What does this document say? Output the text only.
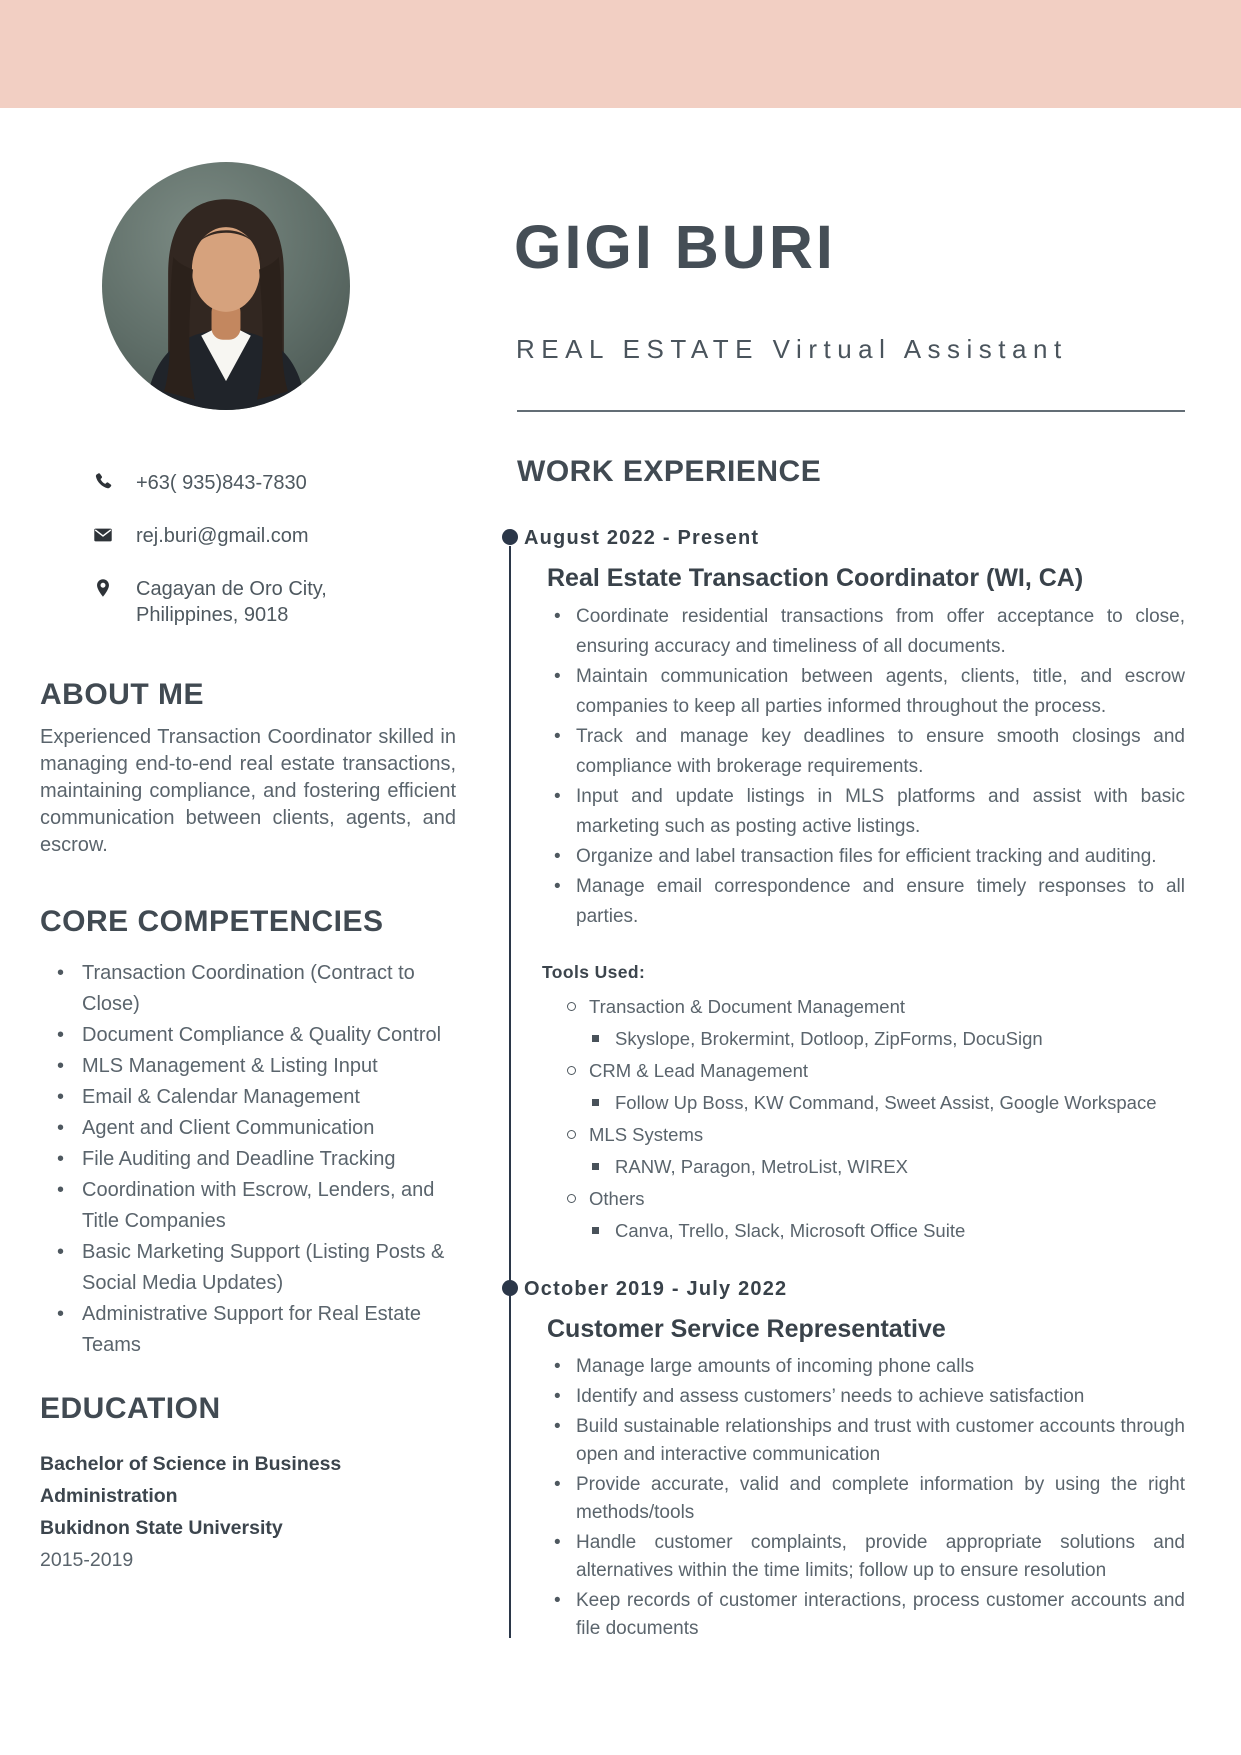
+63( 935)843-7830
rej.buri@gmail.com
Cagayan de Oro City,
Philippines, 9018
ABOUT ME

Experienced Transaction Coordinator skilled in managing end-to-end real estate transactions, maintaining compliance, and fostering efficient communication between clients, agents, and escrow.

CORE COMPETENCIES
• Transaction Coordination (Contract to Close)
• Document Compliance & Quality Control
• MLS Management & Listing Input
• Email & Calendar Management
• Agent and Client Communication
• File Auditing and Deadline Tracking
• Coordination with Escrow, Lenders, and Title Companies
• Basic Marketing Support (Listing Posts & Social Media Updates)
• Administrative Support for Real Estate Teams
EDUCATION
Bachelor of Science in Business Administration
Bukidnon State University
2015-2019
GIGI BURI
REAL ESTATE Virtual Assistant
WORK EXPERIENCE
August 2022 - Present
Real Estate Transaction Coordinator (WI, CA)
• Coordinate residential transactions from offer acceptance to close, ensuring accuracy and timeliness of all documents.
• Maintain communication between agents, clients, title, and escrow companies to keep all parties informed throughout the process.
• Track and manage key deadlines to ensure smooth closings and compliance with brokerage requirements.
• Input and update listings in MLS platforms and assist with basic marketing such as posting active listings.
• Organize and label transaction files for efficient tracking and auditing.
• Manage email correspondence and ensure timely responses to all parties.
Tools Used:
Transaction & Document Management
Skyslope, Brokermint, Dotloop, ZipForms, DocuSign
CRM & Lead Management
Follow Up Boss, KW Command, Sweet Assist, Google Workspace
MLS Systems
RANW, Paragon, MetroList, WIREX
Others
Canva, Trello, Slack, Microsoft Office Suite
October 2019 - July 2022
Customer Service Representative
• Manage large amounts of incoming phone calls
• Identify and assess customers’ needs to achieve satisfaction
• Build sustainable relationships and trust with customer accounts through open and interactive communication
• Provide accurate, valid and complete information by using the right methods/tools
• Handle customer complaints, provide appropriate solutions and alternatives within the time limits; follow up to ensure resolution
• Keep records of customer interactions, process customer accounts and file documents
